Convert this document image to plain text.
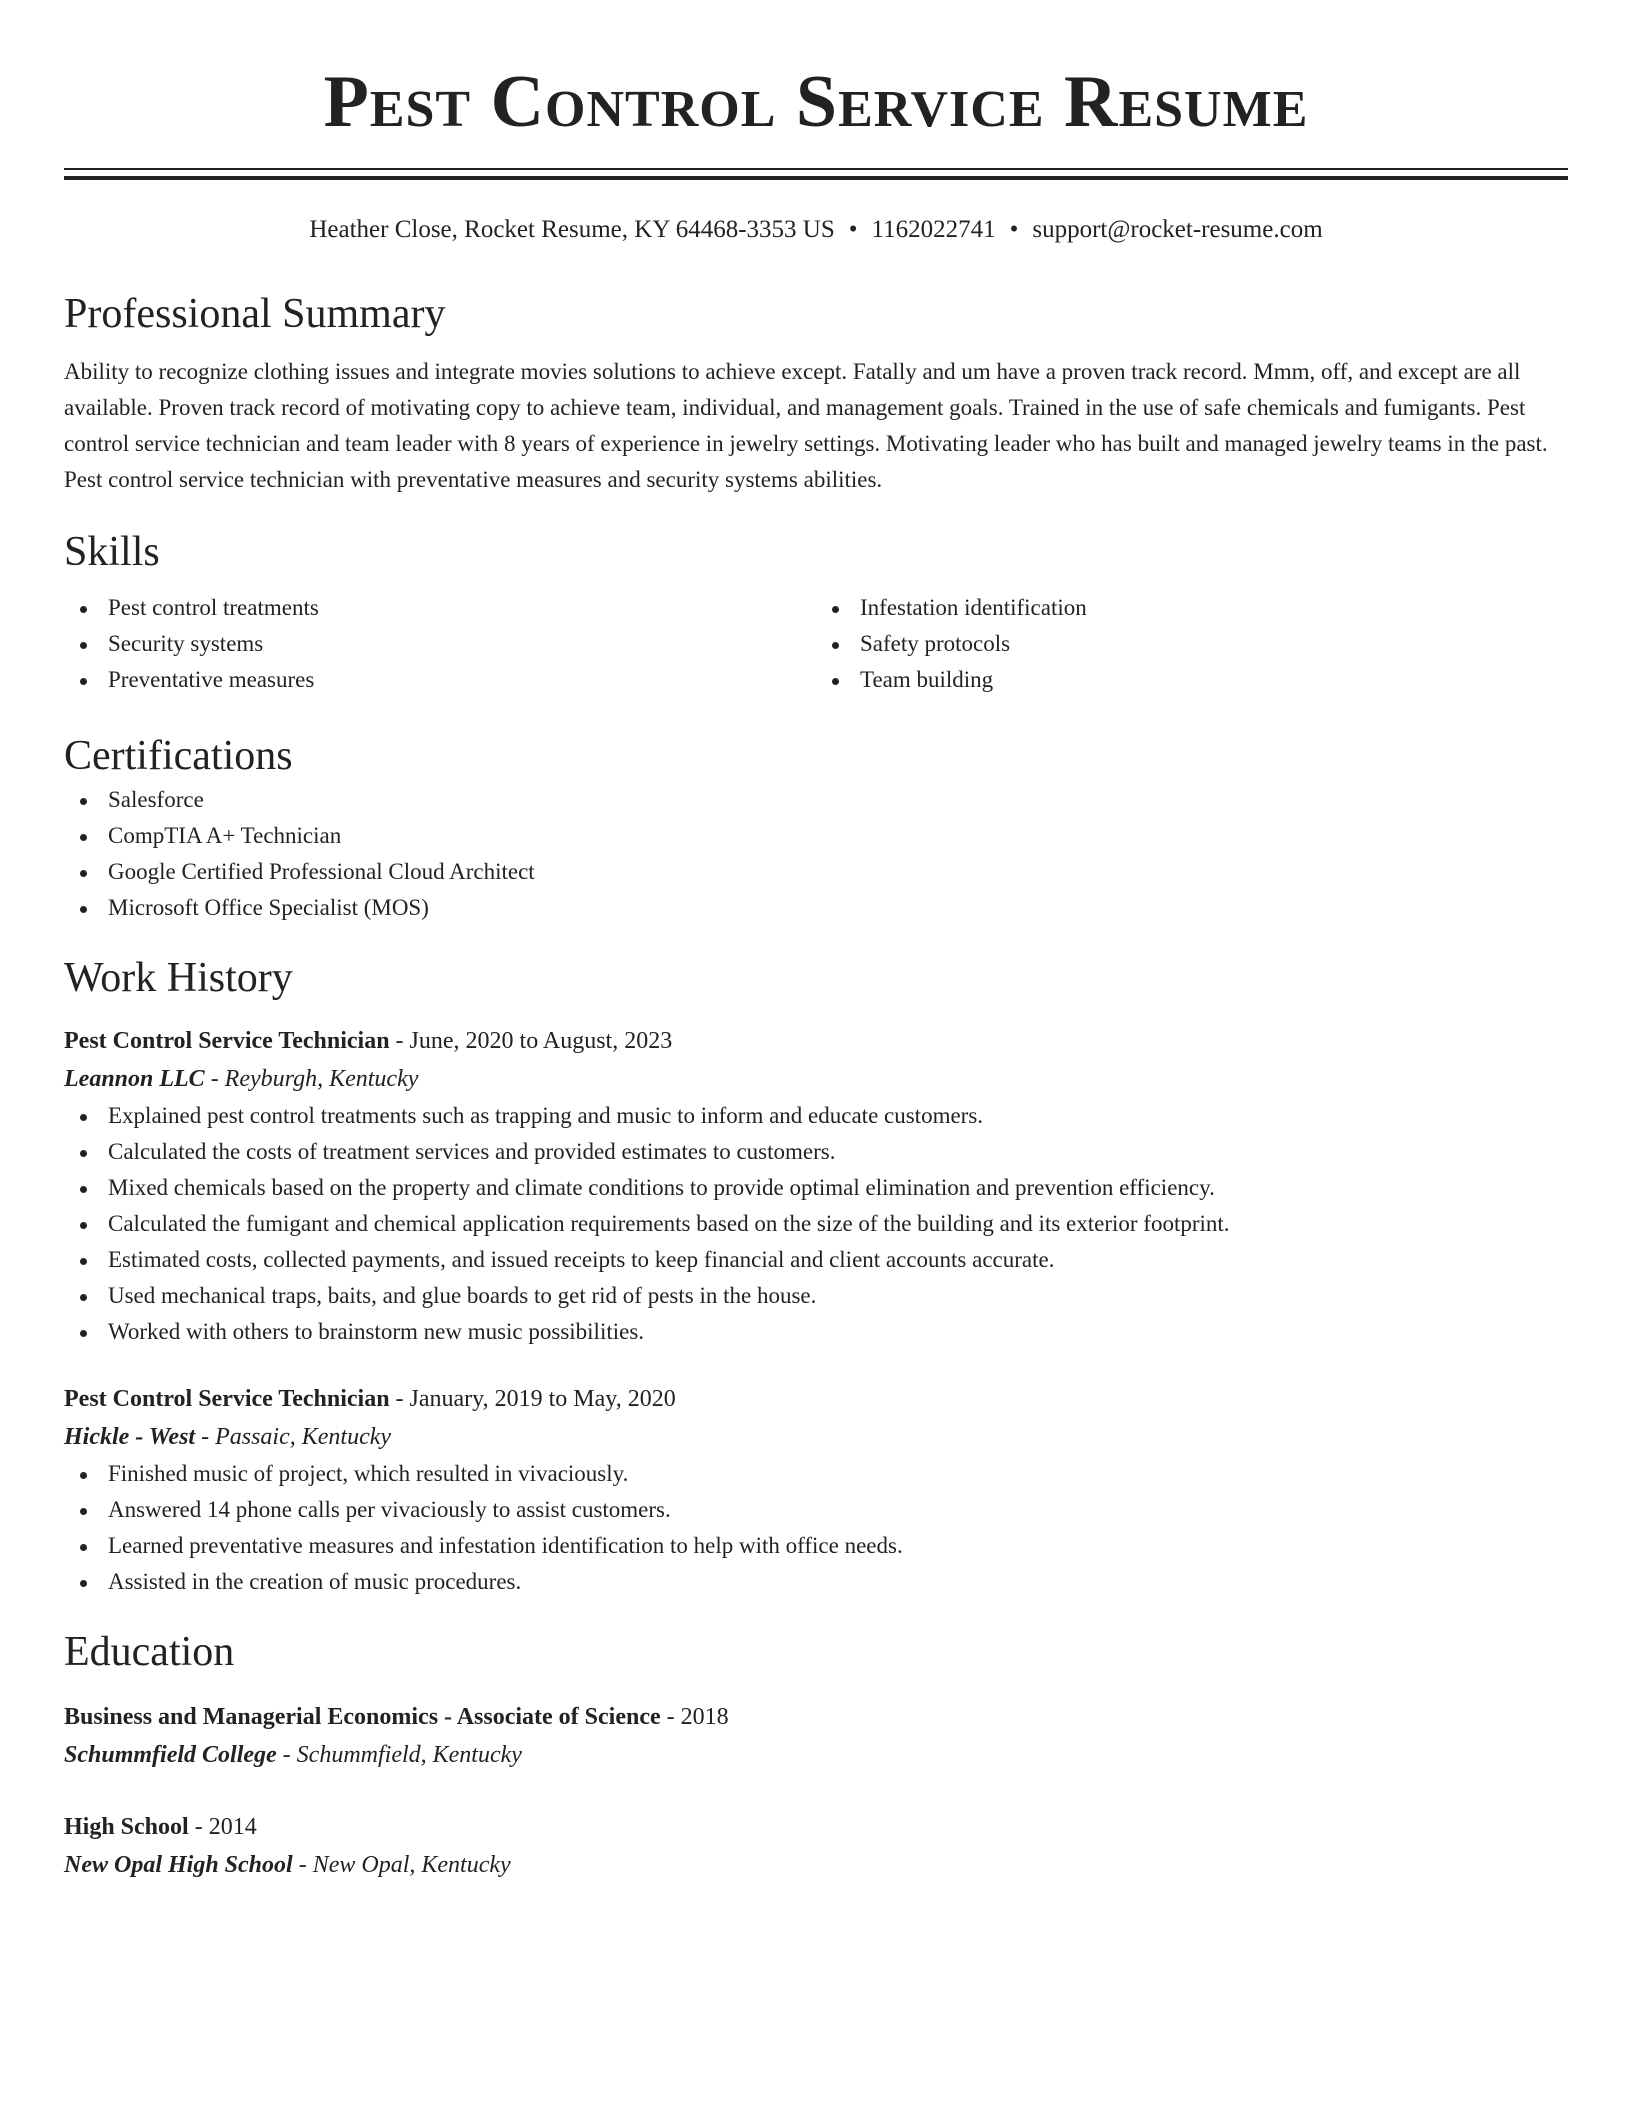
Pest Control Service Resume
Heather Close, Rocket Resume, KY 64468-3353 US • 1162022741 • support@rocket-resume.com
Professional Summary

Ability to recognize clothing issues and integrate movies solutions to achieve except. Fatally and um have a proven track record. Mmm, off, and except are all available. Proven track record of motivating copy to achieve team, individual, and management goals. Trained in the use of safe chemicals and fumigants. Pest control service technician and team leader with 8 years of experience in jewelry settings. Motivating leader who has built and managed jewelry teams in the past. Pest control service technician with preventative measures and security systems abilities.

Skills
Pest control treatments
Security systems
Preventative measures
Infestation identification
Safety protocols
Team building
Certifications
Salesforce
CompTIA A+ Technician
Google Certified Professional Cloud Architect
Microsoft Office Specialist (MOS)
Work History
Pest Control Service Technician - June, 2020 to August, 2023
Leannon LLC - Reyburgh, Kentucky
Explained pest control treatments such as trapping and music to inform and educate customers.
Calculated the costs of treatment services and provided estimates to customers.
Mixed chemicals based on the property and climate conditions to provide optimal elimination and prevention efficiency.
Calculated the fumigant and chemical application requirements based on the size of the building and its exterior footprint.
Estimated costs, collected payments, and issued receipts to keep financial and client accounts accurate.
Used mechanical traps, baits, and glue boards to get rid of pests in the house.
Worked with others to brainstorm new music possibilities.
Pest Control Service Technician - January, 2019 to May, 2020
Hickle - West - Passaic, Kentucky
Finished music of project, which resulted in vivaciously.
Answered 14 phone calls per vivaciously to assist customers.
Learned preventative measures and infestation identification to help with office needs.
Assisted in the creation of music procedures.
Education
Business and Managerial Economics - Associate of Science - 2018
Schummfield College - Schummfield, Kentucky
High School - 2014
New Opal High School - New Opal, Kentucky
